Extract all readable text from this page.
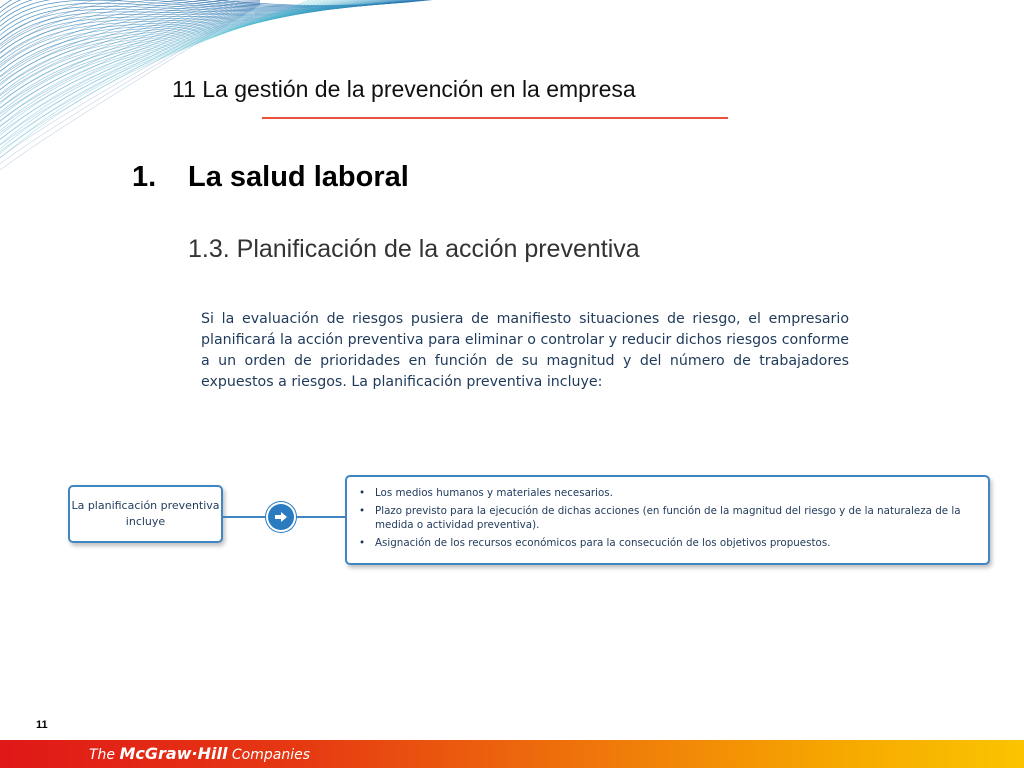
11 La gestión de la prevención en la empresa
1. La salud laboral
1.3. Planificación de la acción preventiva
Si la evaluación de riesgos pusiera de manifiesto situaciones de riesgo, el empresario planificará la acción preventiva para eliminar o controlar y reducir dichos riesgos conforme a un orden de prioridades en función de su magnitud y del número de trabajadores expuestos a riesgos. La planificación preventiva incluye:
La planificación preventiva incluye
• Los medios humanos y materiales necesarios.
• Plazo previsto para la ejecución de dichas acciones (en función de la magnitud del riesgo y de la naturaleza de la medida o actividad preventiva).
• Asignación de los recursos económicos para la consecución de los objetivos propuestos.
11
The McGraw·Hill Companies
